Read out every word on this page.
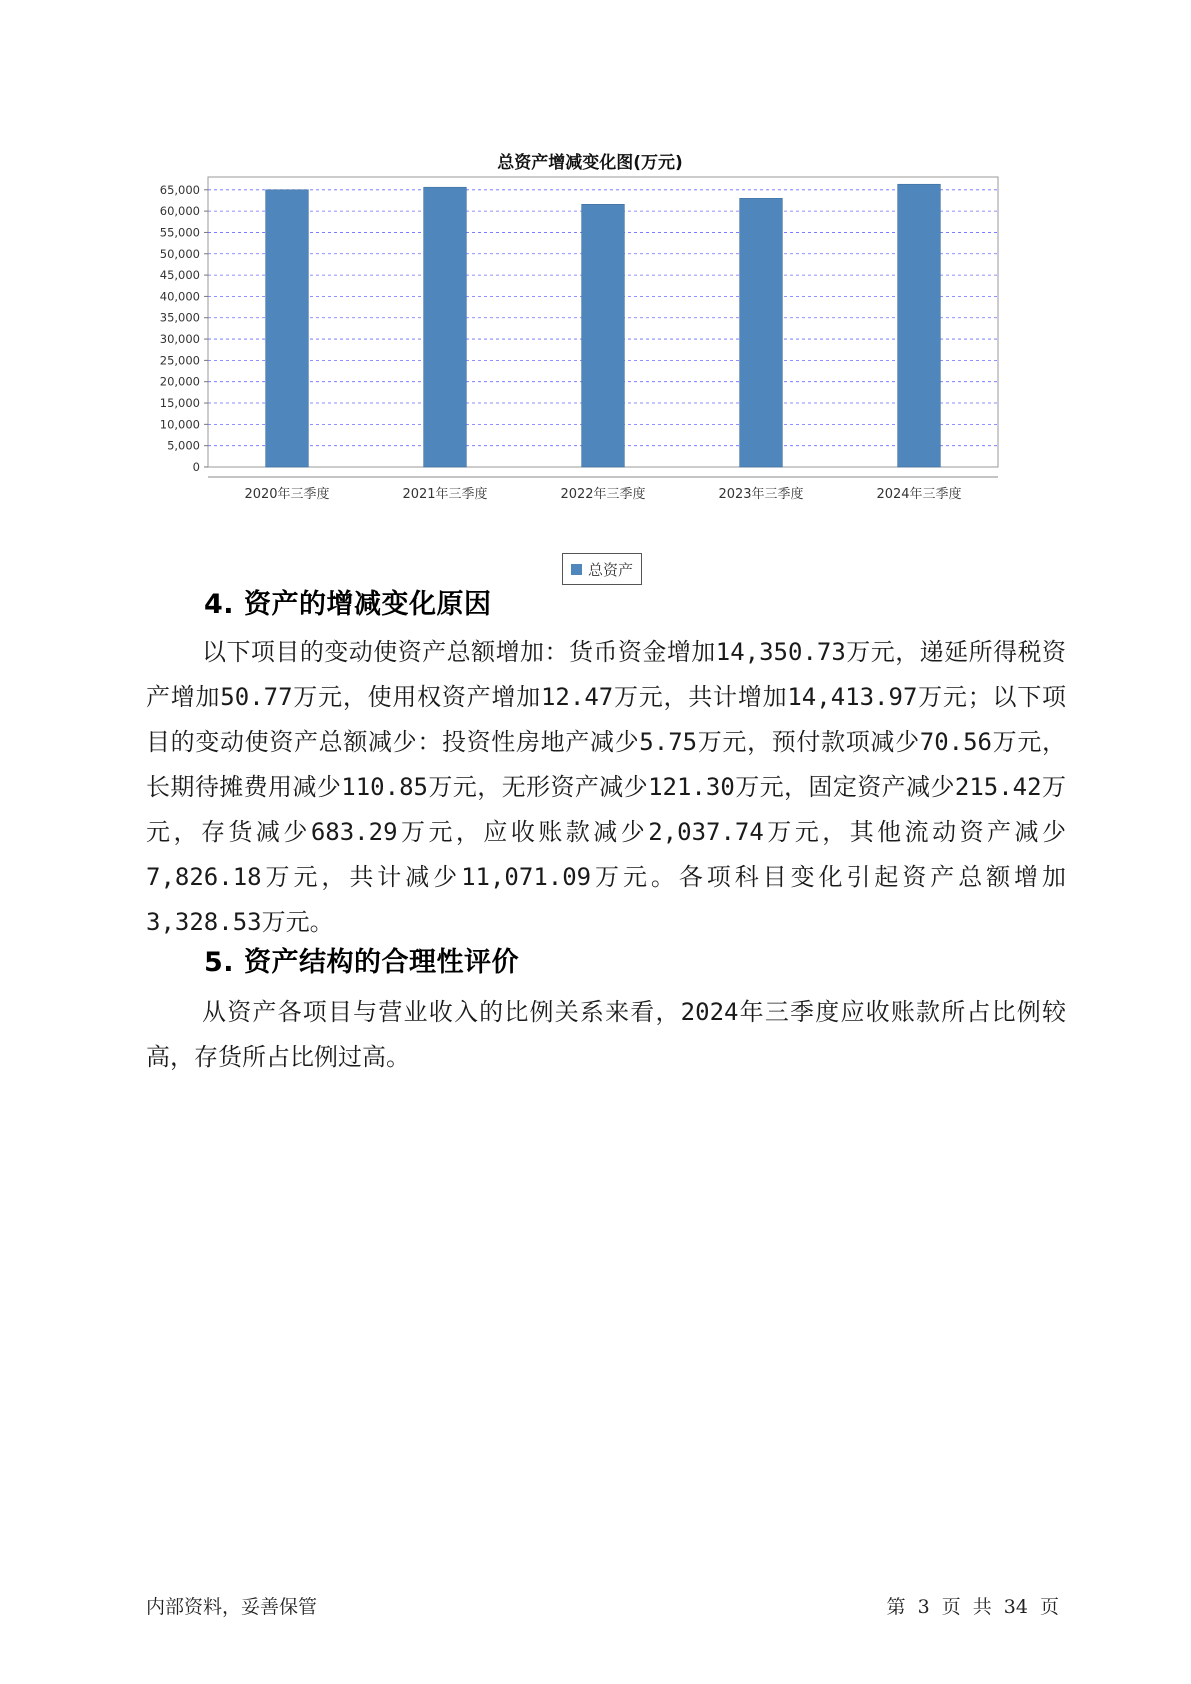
总资产增减变化图(万元)
0
5,000
10,000
15,000
20,000
25,000
30,000
35,000
40,000
45,000
50,000
55,000
60,000
65,000
2020年三季度	2021年三季度	2022年三季度	2023年三季度	2024年三季度
总资产
4. 资产的增减变化原因

以下项目的变动使资产总额增加：货币资金增加14,350.73万元，递延所得税资产增加50.77万元，使用权资产增加12.47万元，共计增加14,413.97万元；以下项目的变动使资产总额减少：投资性房地产减少5.75万元，预付款项减少70.56万元，长期待摊费用减少110.85万元，无形资产减少121.30万元，固定资产减少215.42万元，存货减少683.29万元，应收账款减少2,037.74万元，其他流动资产减少7,826.18万元，共计减少11,071.09万元。各项科目变化引起资产总额增加3,328.53万元。

5. 资产结构的合理性评价

从资产各项目与营业收入的比例关系来看，2024年三季度应收账款所占比例较高，存货所占比例过高。

内部资料，妥善保管	第 3 页 共 34 页
